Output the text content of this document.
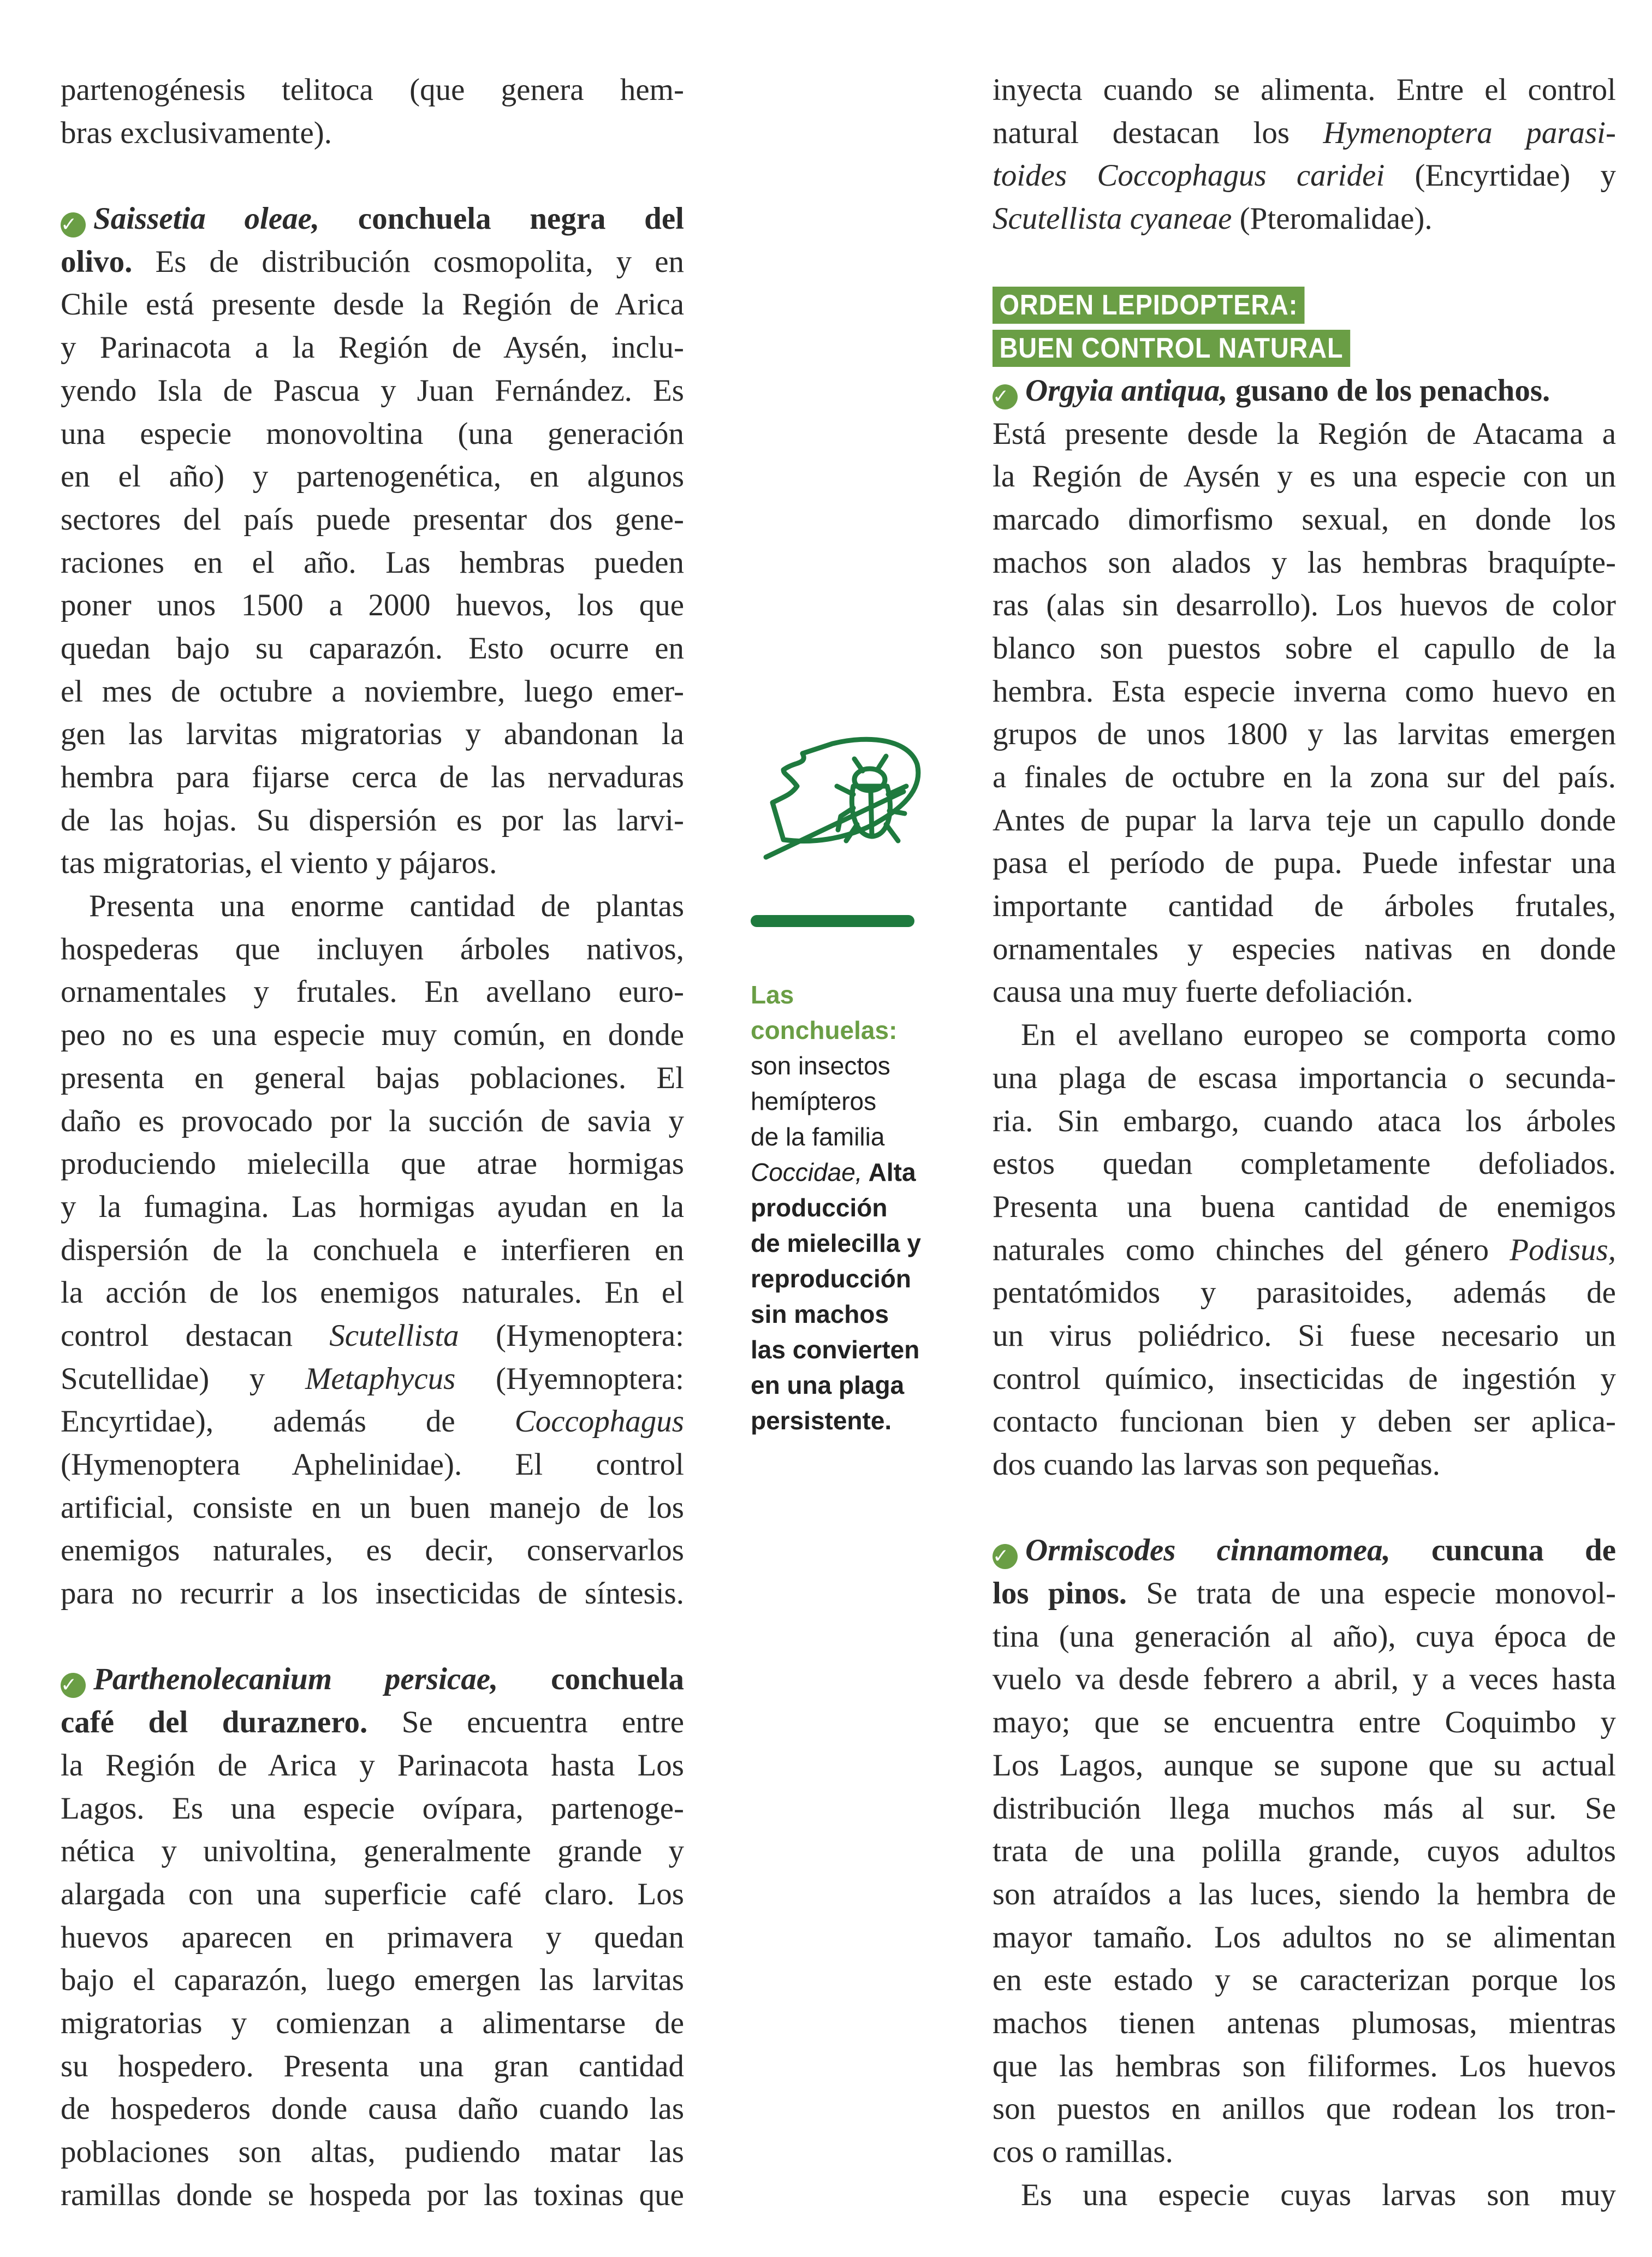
partenogénesis telitoca (que genera hem-
bras exclusivamente).

✓ Saissetia oleae, conchuela negra del
olivo. Es de distribución cosmopolita, y en
Chile está presente desde la Región de Arica
y Parinacota a la Región de Aysén, inclu-
yendo Isla de Pascua y Juan Fernández. Es
una especie monovoltina (una generación
en el año) y partenogenética, en algunos
sectores del país puede presentar dos gene-
raciones en el año. Las hembras pueden
poner unos 1500 a 2000 huevos, los que
quedan bajo su caparazón. Esto ocurre en
el mes de octubre a noviembre, luego emer-
gen las larvitas migratorias y abandonan la
hembra para fijarse cerca de las nervaduras
de las hojas. Su dispersión es por las larvi-
tas migratorias, el viento y pájaros.
Presenta una enorme cantidad de plantas
hospederas que incluyen árboles nativos,
ornamentales y frutales. En avellano euro-
peo no es una especie muy común, en donde
presenta en general bajas poblaciones. El
daño es provocado por la succión de savia y
produciendo mielecilla que atrae hormigas
y la fumagina. Las hormigas ayudan en la
dispersión de la conchuela e interfieren en
la acción de los enemigos naturales. En el
control destacan Scutellista (Hymenoptera:
Scutellidae) y Metaphycus (Hyemnoptera:
Encyrtidae),   además   de   Coccophagus
(Hymenoptera Aphelinidae). El control
artificial, consiste en un buen manejo de los
enemigos naturales, es decir, conservarlos
para no recurrir a los insecticidas de síntesis.

✓ Parthenolecanium persicae, conchuela
café del duraznero. Se encuentra entre
la Región de Arica y Parinacota hasta Los
Lagos. Es una especie ovípara, partenoge-
nética y univoltina, generalmente grande y
alargada con una superficie café claro. Los
huevos aparecen en primavera y quedan
bajo el caparazón, luego emergen las larvitas
migratorias y comienzan a alimentarse de
su hospedero. Presenta una gran cantidad
de hospederos donde causa daño cuando las
poblaciones son altas, pudiendo matar las
ramillas donde se hospeda por las toxinas que
inyecta cuando se alimenta. Entre el control
natural destacan los Hymenoptera parasi-
toides Coccophagus caridei (Encyrtidae) y
Scutellista cyaneae (Pteromalidae).

ORDEN LEPIDOPTERA:
BUEN CONTROL NATURAL
✓ Orgyia antiqua, gusano de los penachos.
Está presente desde la Región de Atacama a
la Región de Aysén y es una especie con un
marcado dimorfismo sexual, en donde los
machos son alados y las hembras braquípte-
ras (alas sin desarrollo). Los huevos de color
blanco son puestos sobre el capullo de la
hembra. Esta especie inverna como huevo en
grupos de unos 1800 y las larvitas emergen
a finales de octubre en la zona sur del país.
Antes de pupar la larva teje un capullo donde
pasa el período de pupa. Puede infestar una
importante cantidad de árboles frutales,
ornamentales y especies nativas en donde
causa una muy fuerte defoliación.
En el avellano europeo se comporta como
una plaga de escasa importancia o secunda-
ria. Sin embargo, cuando ataca los árboles
estos quedan completamente defoliados.
Presenta una buena cantidad de enemigos
naturales como chinches del género Podisus,
pentatómidos y parasitoides, además de
un virus poliédrico. Si fuese necesario un
control químico, insecticidas de ingestión y
contacto funcionan bien y deben ser aplica-
dos cuando las larvas son pequeñas.

✓ Ormiscodes cinnamomea, cuncuna de
los pinos. Se trata de una especie monovol-
tina (una generación al año), cuya época de
vuelo va desde febrero a abril, y a veces hasta
mayo; que se encuentra entre Coquimbo y
Los Lagos, aunque se supone que su actual
distribución llega muchos más al sur. Se
trata de una polilla grande, cuyos adultos
son atraídos a las luces, siendo la hembra de
mayor tamaño. Los adultos no se alimentan
en este estado y se caracterizan porque los
machos tienen antenas plumosas, mientras
que las hembras son filiformes. Los huevos
son puestos en anillos que rodean los tron-
cos o ramillas.
Es una especie cuyas larvas son muy
Las
conchuelas:
son insectos
hemípteros
de la familia
Coccidae, Alta
producción
de mielecilla y
reproducción
sin machos
las convierten
en una plaga
persistente.
